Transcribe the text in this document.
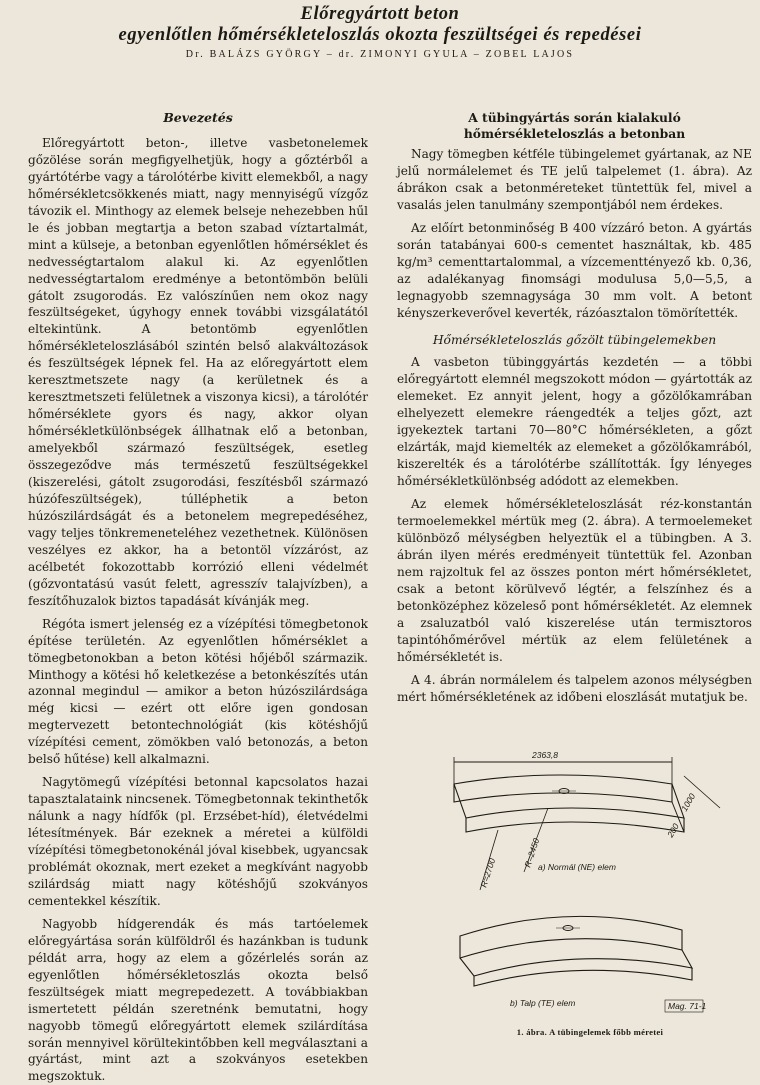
Előregyártott beton
egyenlőtlen hőmérsékleteloszlás okozta feszültségei és repedései
Dr. BALÁZS GYÖRGY – dr. ZIMONYI GYULA – ZOBEL LAJOS
Bevezetés

Előregyártott beton-, illetve vasbetonelemek gőzölése során megfigyelhetjük, hogy a gőztérből a gyártótérbe vagy a tárolótérbe kivitt elemekből, a nagy hőmérsékletcsökkenés miatt, nagy mennyiségű vízgőz távozik el. Minthogy az elemek belseje nehezebben hűl le és jobban megtartja a beton szabad víztartalmát, mint a külseje, a betonban egyenlőtlen hőmérséklet és nedvességtartalom alakul ki. Az egyenlőtlen nedvességtartalom eredménye a betontömbön belüli gátolt zsugorodás. Ez valószínűen nem okoz nagy feszültségeket, úgyhogy ennek további vizsgálatától eltekintünk. A betontömb egyenlőtlen hőmérsékleteloszlásából szintén belső alakváltozások és feszültségek lépnek fel. Ha az előregyártott elem keresztmetszete nagy (a kerületnek és a keresztmetszeti felületnek a viszonya kicsi), a tárolótér hőmérséklete gyors és nagy, akkor olyan hőmérsékletkülönbségek állhatnak elő a betonban, amelyekből származó feszültségek, esetleg összegeződve más természetű feszültségekkel (kiszerelési, gátolt zsugorodási, feszítésből származó húzófeszültségek), túlléphetik a beton húzószilárdságát és a betonelem megrepedéséhez, vagy teljes tönkremeneteléhez vezethetnek. Különösen veszélyes ez akkor, ha a betontöl vízzáróst, az acélbetét fokozottabb korrózió elleni védelmét (gőzvontatású vasút felett, agresszív talajvízben), a feszítőhuzalok biztos tapadását kívánják meg.

Régóta ismert jelenség ez a vízépítési tömegbetonok építése területén. Az egyenlőtlen hőmérséklet a tömegbetonokban a beton kötési hőjéből származik. Minthogy a kötési hő keletkezése a betonkészítés után azonnal megindul — amikor a beton húzószilárdsága még kicsi — ezért ott előre igen gondosan megtervezett betontechnológiát (kis kötéshőjű vízépítési cement, zömökben való betonozás, a beton belső hűtése) kell alkalmazni.

Nagytömegű vízépítési betonnal kapcsolatos hazai tapasztalataink nincsenek. Tömegbetonnak tekinthetők nálunk a nagy hídfők (pl. Erzsébet-híd), életvédelmi létesítmények. Bár ezeknek a méretei a külföldi vízépítési tömegbetonokénál jóval kisebbek, ugyancsak problémát okoznak, mert ezeket a megkívánt nagyobb szilárdság miatt nagy kötéshőjű szokványos cementekkel készítik.

Nagyobb hídgerendák és más tartóelemek előregyártása során külföldről és hazánkban is tudunk példát arra, hogy az elem a gőzérlelés során az egyenlőtlen hőmérsékletoszlás okozta belső feszültségek miatt megrepedezett. A továbbiakban ismertetett példán szeretnénk bemutatni, hogy nagyobb tömegű előregyártott elemek szilárdítása során mennyivel körültekintőbben kell megválasztani a gyártást, mint azt a szokványos esetekben megszoktuk.

A tübingyártás során kialakuló hőmérsékleteloszlás a betonban

Nagy tömegben kétféle tübingelemet gyártanak, az NE jelű normálelemet és TE jelű talpelemet (1. ábra). Az ábrákon csak a betonméreteket tüntettük fel, mivel a vasalás jelen tanulmány szempontjából nem érdekes.

Az előírt betonminőség B 400 vízzáró beton. A gyártás során tatabányai 600-s cementet használtak, kb. 485 kg/m³ cementtartalommal, a vízcementtényező kb. 0,36, az adalékanyag finomsági modulusa 5,0—5,5, a legnagyobb szemnagysága 30 mm volt. A betont kényszerkeverővel keverték, rázóasztalon tömörítették.

Hőmérsékleteloszlás gőzölt tübingelemekben

A vasbeton tübinggyártás kezdetén — a többi előregyártott elemnél megszokott módon — gyártották az elemeket. Ez annyit jelent, hogy a gőzölőkamrában elhelyezett elemekre ráengedték a teljes gőzt, azt igyekeztek tartani 70—80°C hőmérsékleten, a gőzt elzárták, majd kiemelték az elemeket a gőzölőkamrából, kiszerelték és a tárolótérbe szállították. Így lényeges hőmérsékletkülönbség adódott az elemekben.

Az elemek hőmérsékleteloszlását réz-konstantán termoelemekkel mértük meg (2. ábra). A termoelemeket különböző mélységben helyeztük el a tübingben. A 3. ábrán ilyen mérés eredményeit tüntettük fel. Azonban nem rajzoltuk fel az összes ponton mért hőmérsékletet, csak a betont körülvevő légtér, a felszínhez és a betonközéphez közeleső pont hőmérsékletét. Az elemnek a zsaluzatból való kiszerelése után termisztoros tapintóhőmérővel mértük az elem felületének a hőmérsékletét is.

A 4. ábrán normálelem és talpelem azonos mélységben mért hőmérsékletének az időbeni eloszlását mutatjuk be.

2363,8
1000
200
R=2700
R=2450
a) Normál (NE) elem
b) Talp (TE) elem	Mag. 71-1
1. ábra. A tübingelemek főbb méretei
